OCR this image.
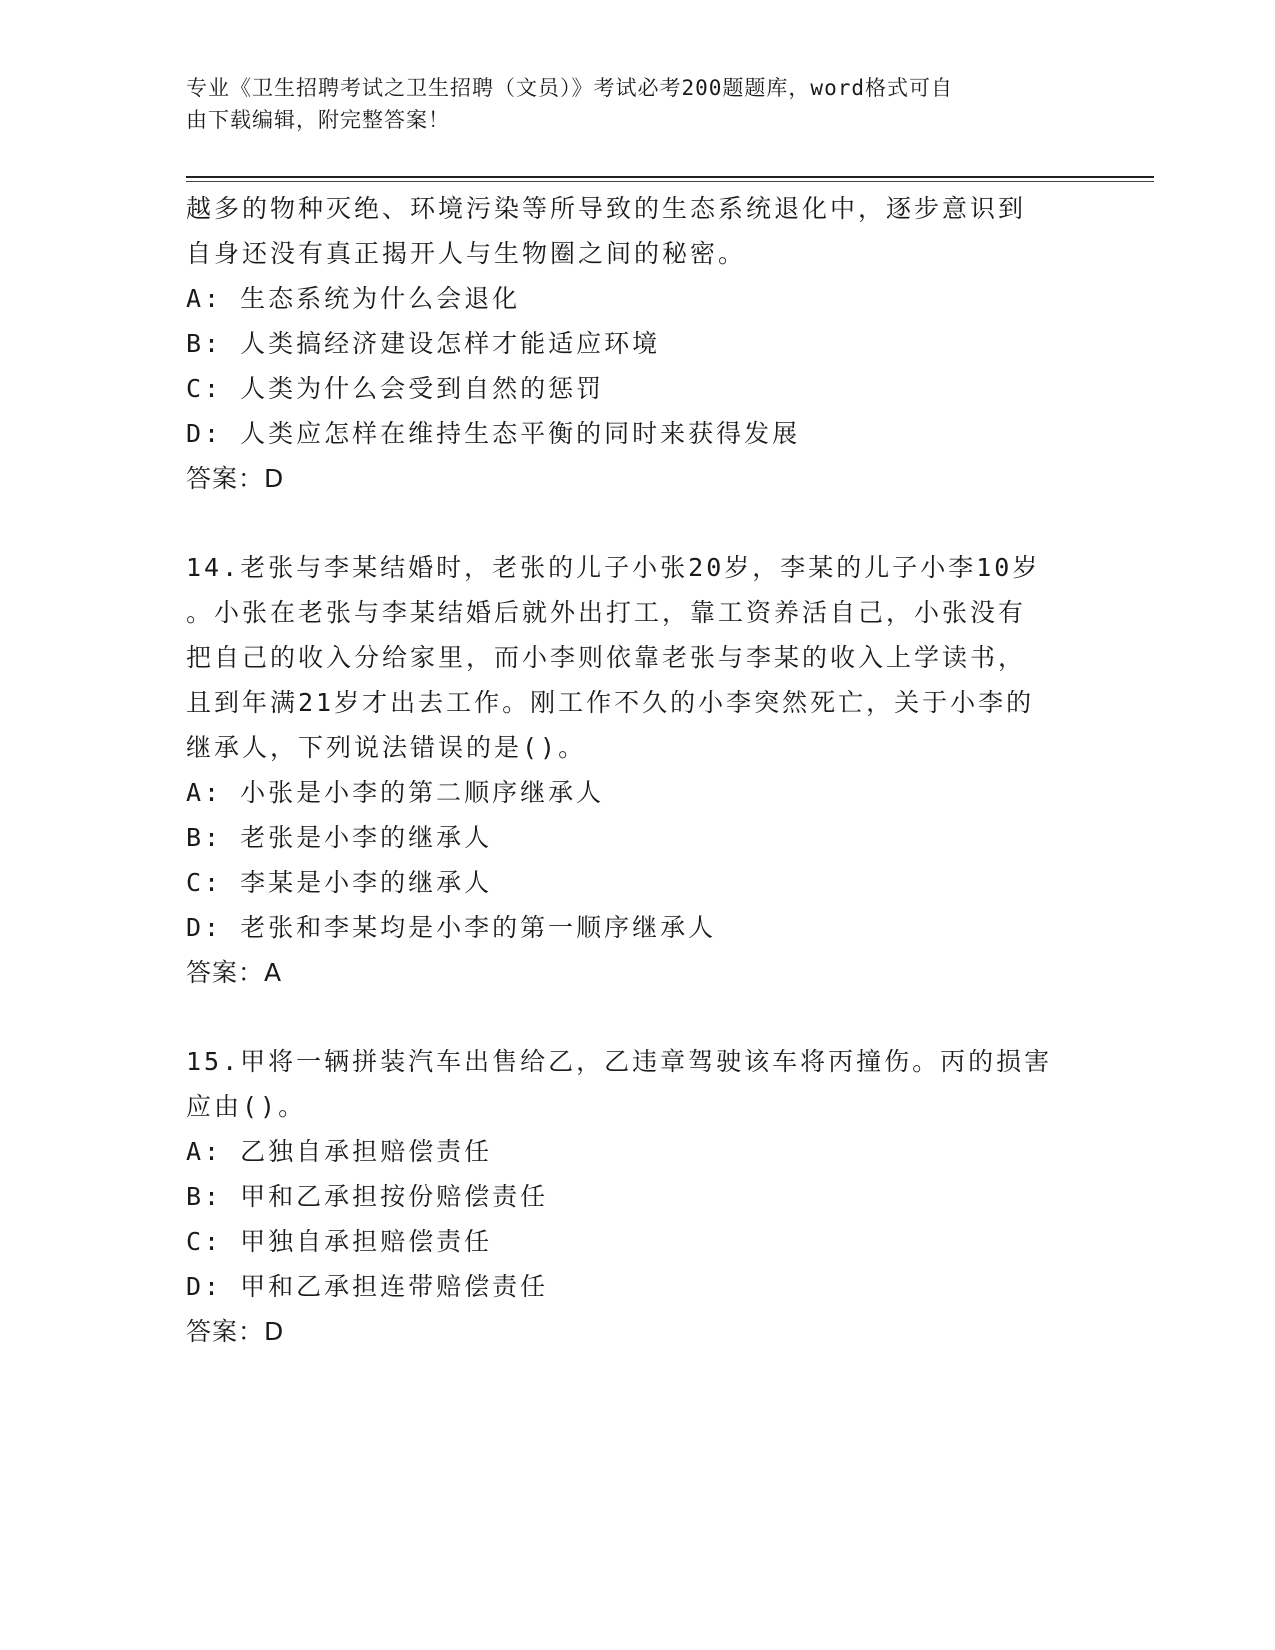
专业《卫生招聘考试之卫生招聘（文员）》考试必考200题题库，word格式可自
由下载编辑，附完整答案！
越多的物种灭绝、环境污染等所导致的生态系统退化中，逐步意识到
自身还没有真正揭开人与生物圈之间的秘密。
A: 生态系统为什么会退化
B: 人类搞经济建设怎样才能适应环境
C: 人类为什么会受到自然的惩罚
D: 人类应怎样在维持生态平衡的同时来获得发展
答案：D
14.老张与李某结婚时，老张的儿子小张20岁，李某的儿子小李10岁
。小张在老张与李某结婚后就外出打工，靠工资养活自己，小张没有
把自己的收入分给家里，而小李则依靠老张与李某的收入上学读书，
且到年满21岁才出去工作。刚工作不久的小李突然死亡，关于小李的
继承人，下列说法错误的是()。
A: 小张是小李的第二顺序继承人
B: 老张是小李的继承人
C: 李某是小李的继承人
D: 老张和李某均是小李的第一顺序继承人
答案：A
15.甲将一辆拼装汽车出售给乙，乙违章驾驶该车将丙撞伤。丙的损害
应由()。
A: 乙独自承担赔偿责任
B: 甲和乙承担按份赔偿责任
C: 甲独自承担赔偿责任
D: 甲和乙承担连带赔偿责任
答案：D
